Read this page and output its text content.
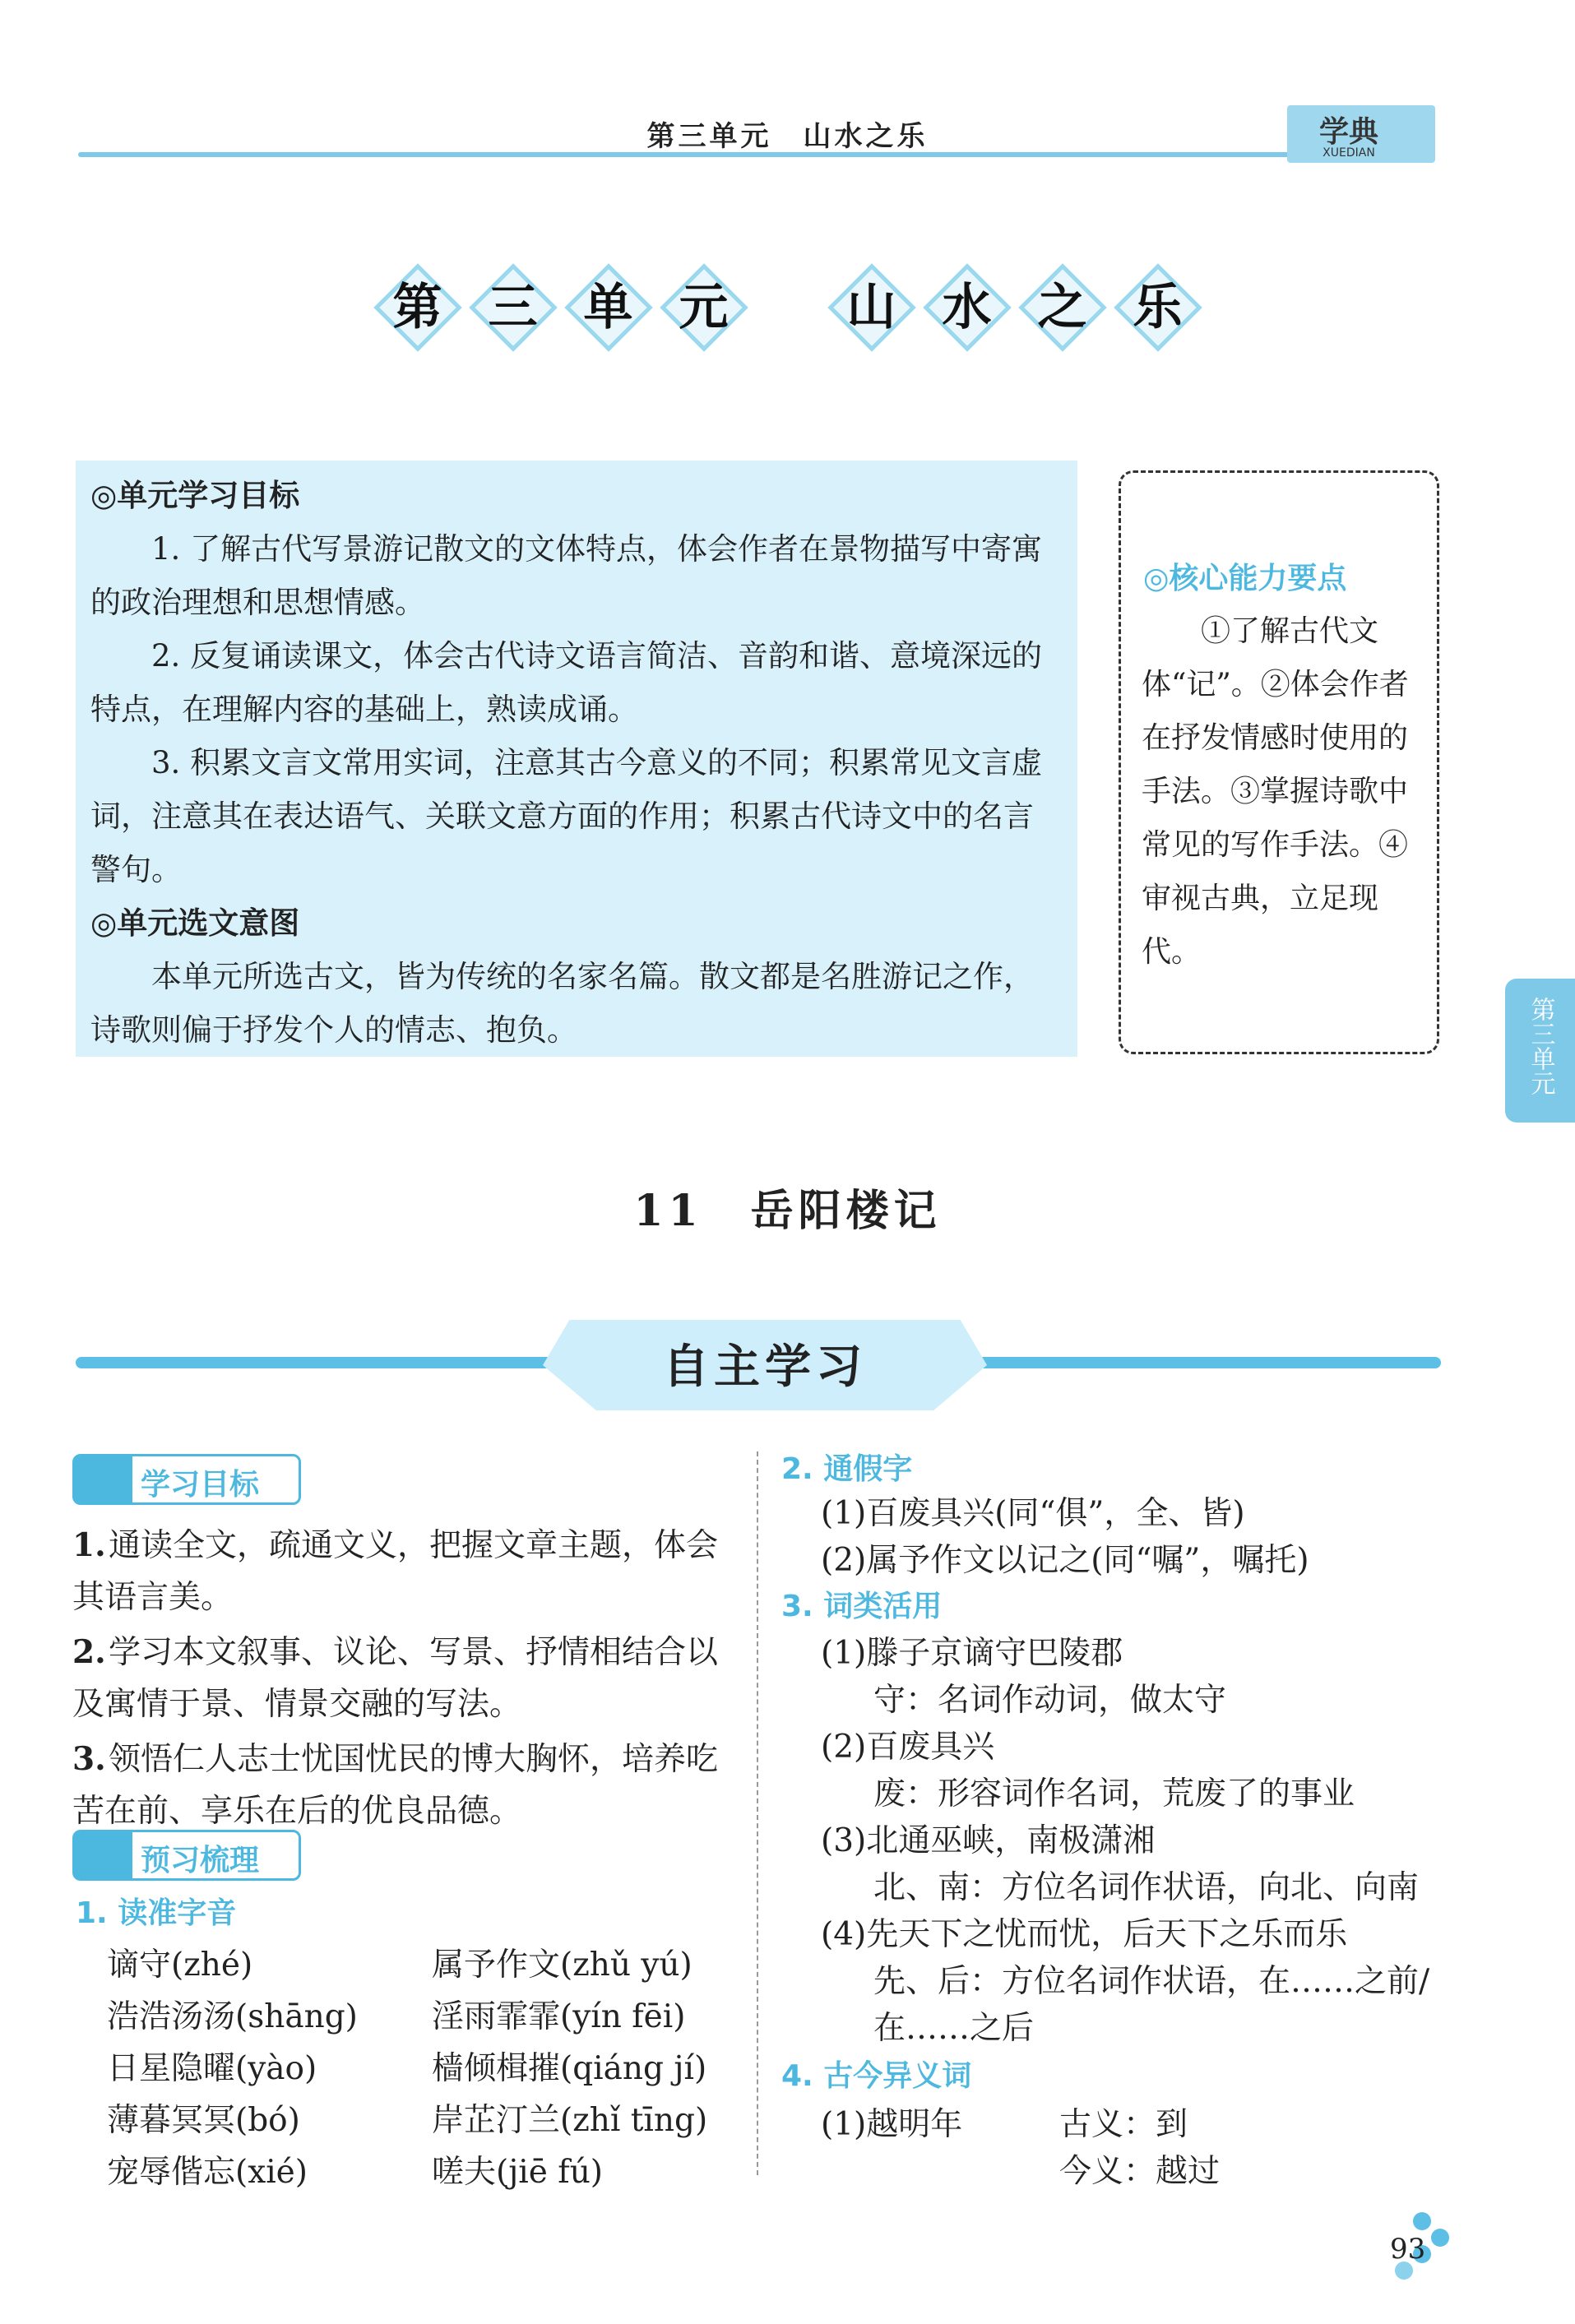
第三单元　山水之乐	学典
XUEDIAN
第 三 单 元 山 水 之 乐

◎单元学习目标

1. 了解古代写景游记散文的文体特点，体会作者在景物描写中寄寓的政治理想和思想情感。

2. 反复诵读课文，体会古代诗文语言简洁、音韵和谐、意境深远的特点，在理解内容的基础上，熟读成诵。

3. 积累文言文常用实词，注意其古今意义的不同；积累常见文言虚词，注意其在表达语气、关联文意方面的作用；积累古代诗文中的名言警句。

◎单元选文意图

本单元所选古文，皆为传统的名家名篇。散文都是名胜游记之作，诗歌则偏于抒发个人的情志、抱负。

◎核心能力要点
①了解古代文体“记”。②体会作者在抒发情感时使用的手法。③掌握诗歌中常见的写作手法。④审视古典，立足现代。
第三单元
11　岳阳楼记
自主学习
学习目标
1.通读全文，疏通文义，把握文章主题，体会其语言美。
2.学习本文叙事、议论、写景、抒情相结合以及寓情于景、情景交融的写法。
3.领悟仁人志士忧国忧民的博大胸怀，培养吃苦在前、享乐在后的优良品德。
预习梳理
1. 读准字音
谪守(zhé)	属予作文(zhǔ yú)
浩浩汤汤(shāng)	淫雨霏霏(yín fēi)
日星隐曜(yào)	樯倾楫摧(qiáng jí)
薄暮冥冥(bó)	岸芷汀兰(zhǐ tīng)
宠辱偕忘(xié)	嗟夫(jiē fú)
2. 通假字
(1)百废具兴(同“俱”，全、皆)
(2)属予作文以记之(同“嘱”，嘱托)
3. 词类活用
(1)滕子京谪守巴陵郡
守：名词作动词，做太守
(2)百废具兴
废：形容词作名词，荒废了的事业
(3)北通巫峡，南极潇湘
北、南：方位名词作状语，向北、向南
(4)先天下之忧而忧，后天下之乐而乐
先、后：方位名词作状语，在……之前/在……之后
4. 古今异义词
(1)越明年	古义：到
今义：越过
93
